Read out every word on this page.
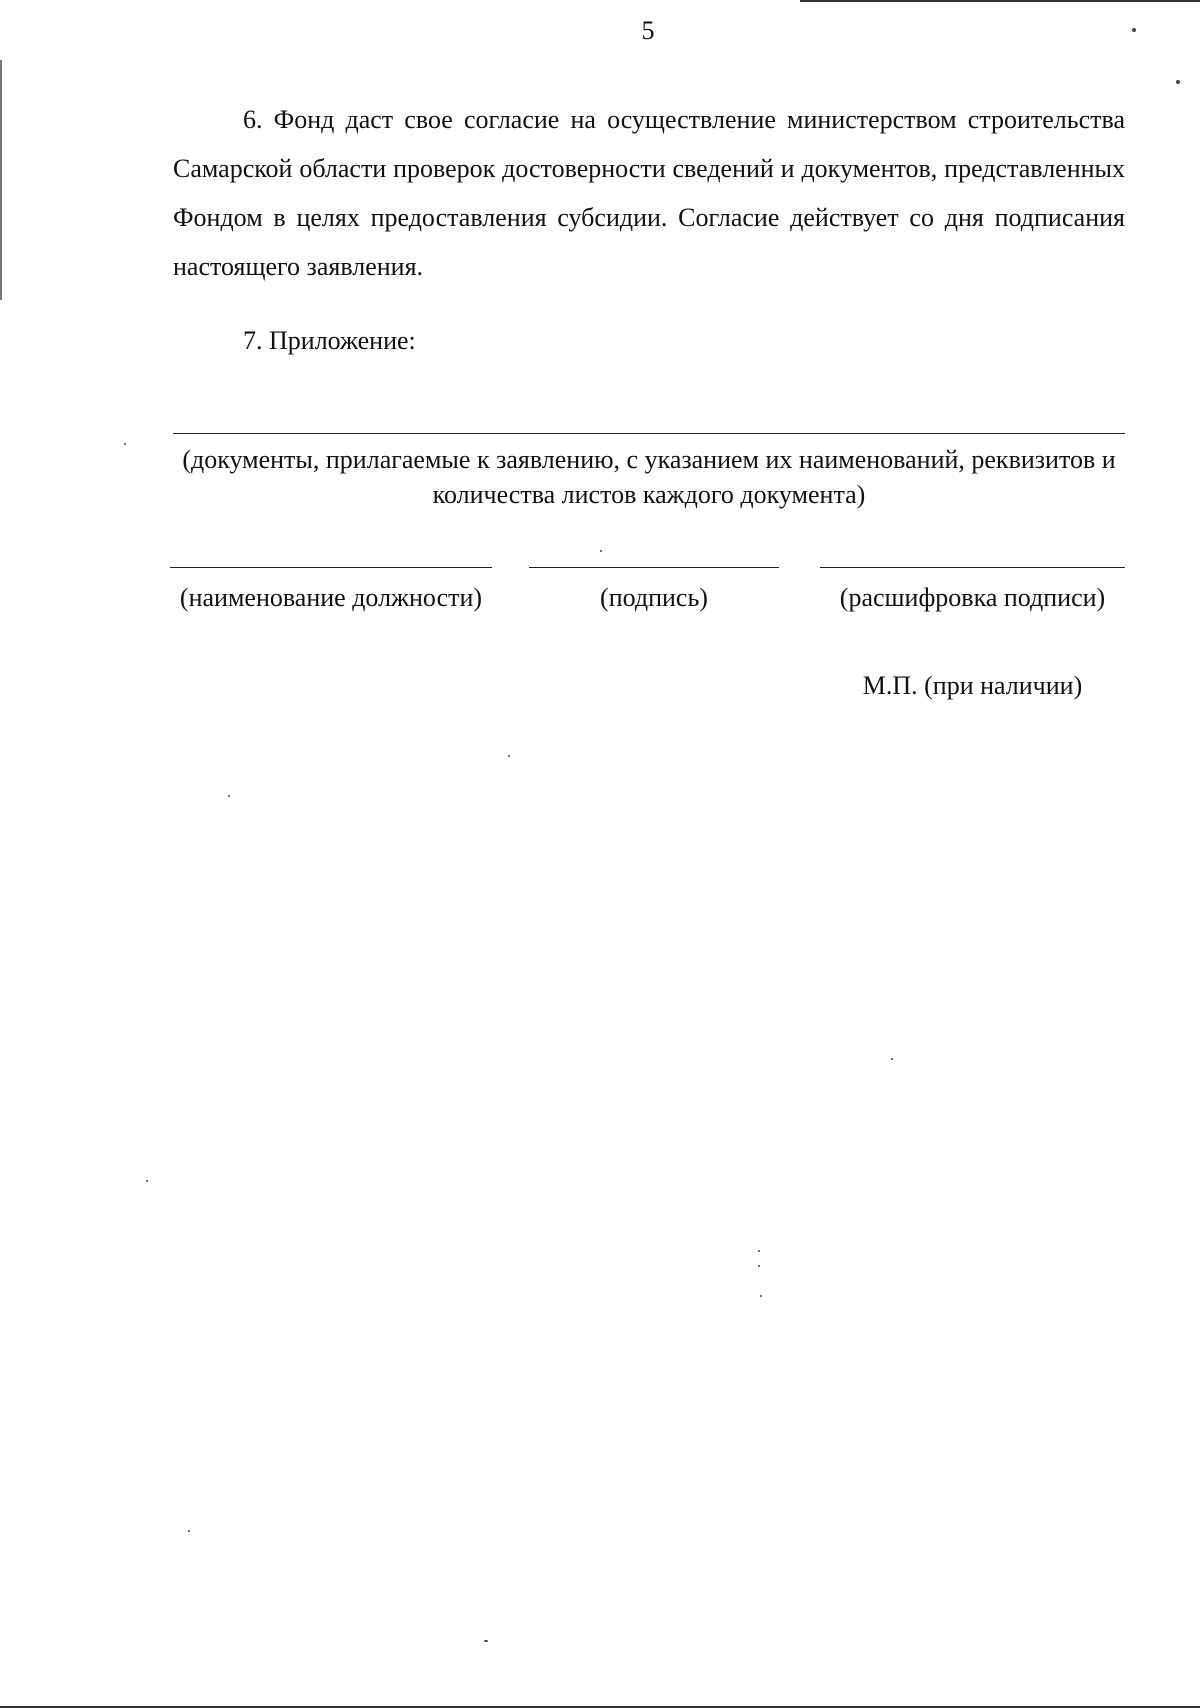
5

6. Фонд даст свое согласие на осуществление министерством строительства Самарской области проверок достоверности сведений и документов, представленных Фондом в целях предоставления субсидии. Согласие действует со дня подписания настоящего заявления.

7. Приложение:

(документы, прилагаемые к заявлению, с указанием их наименований, реквизитов и количества листов каждого документа)
(наименование должности)	(подпись)	(расшифровка подписи)
М.П. (при наличии)
